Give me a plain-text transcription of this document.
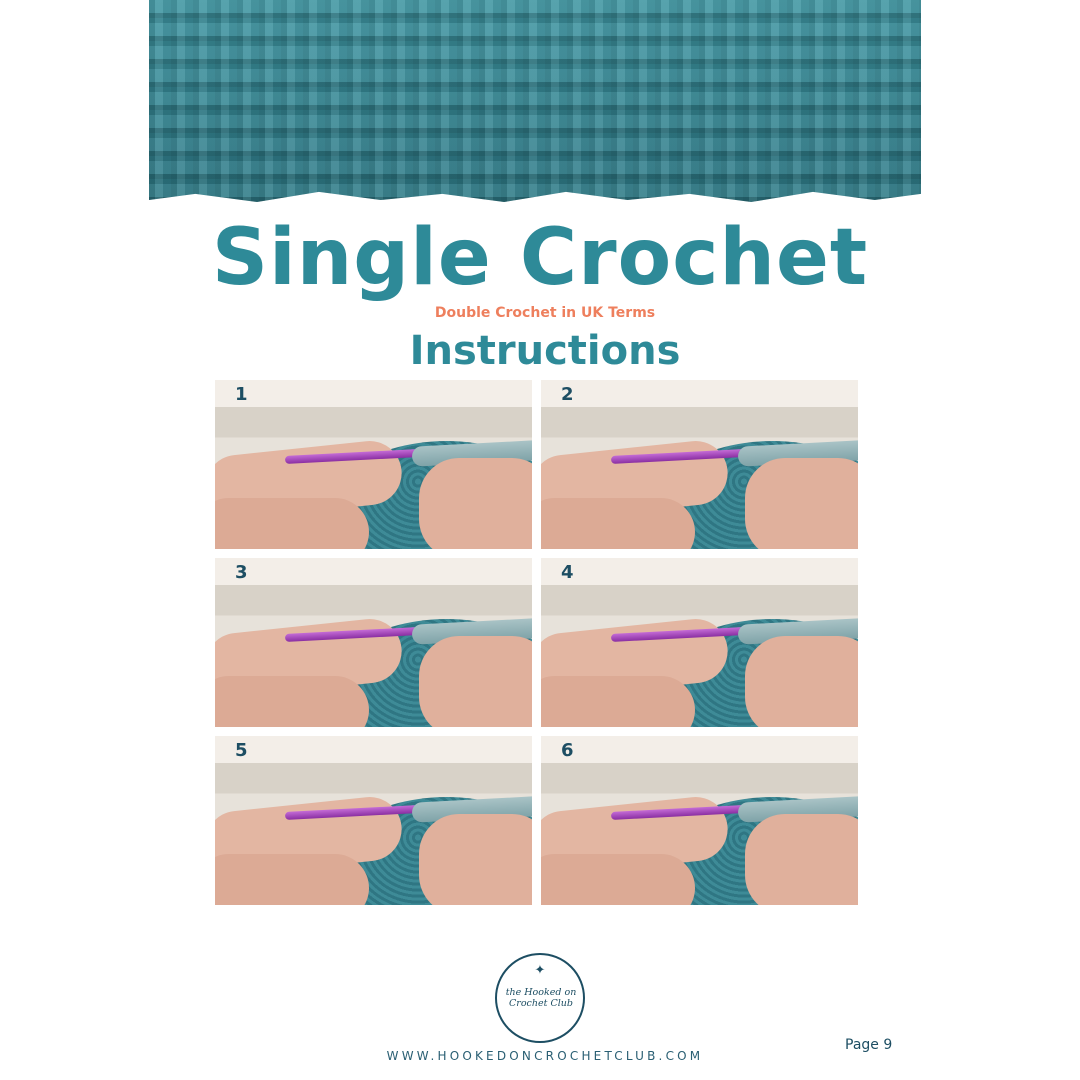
Single Crochet
Double Crochet in UK Terms
Instructions
1	2
3	4
5	6
✦
the Hooked on Crochet Club
WWW.HOOKEDONCROCHETCLUB.COM
Page 9
